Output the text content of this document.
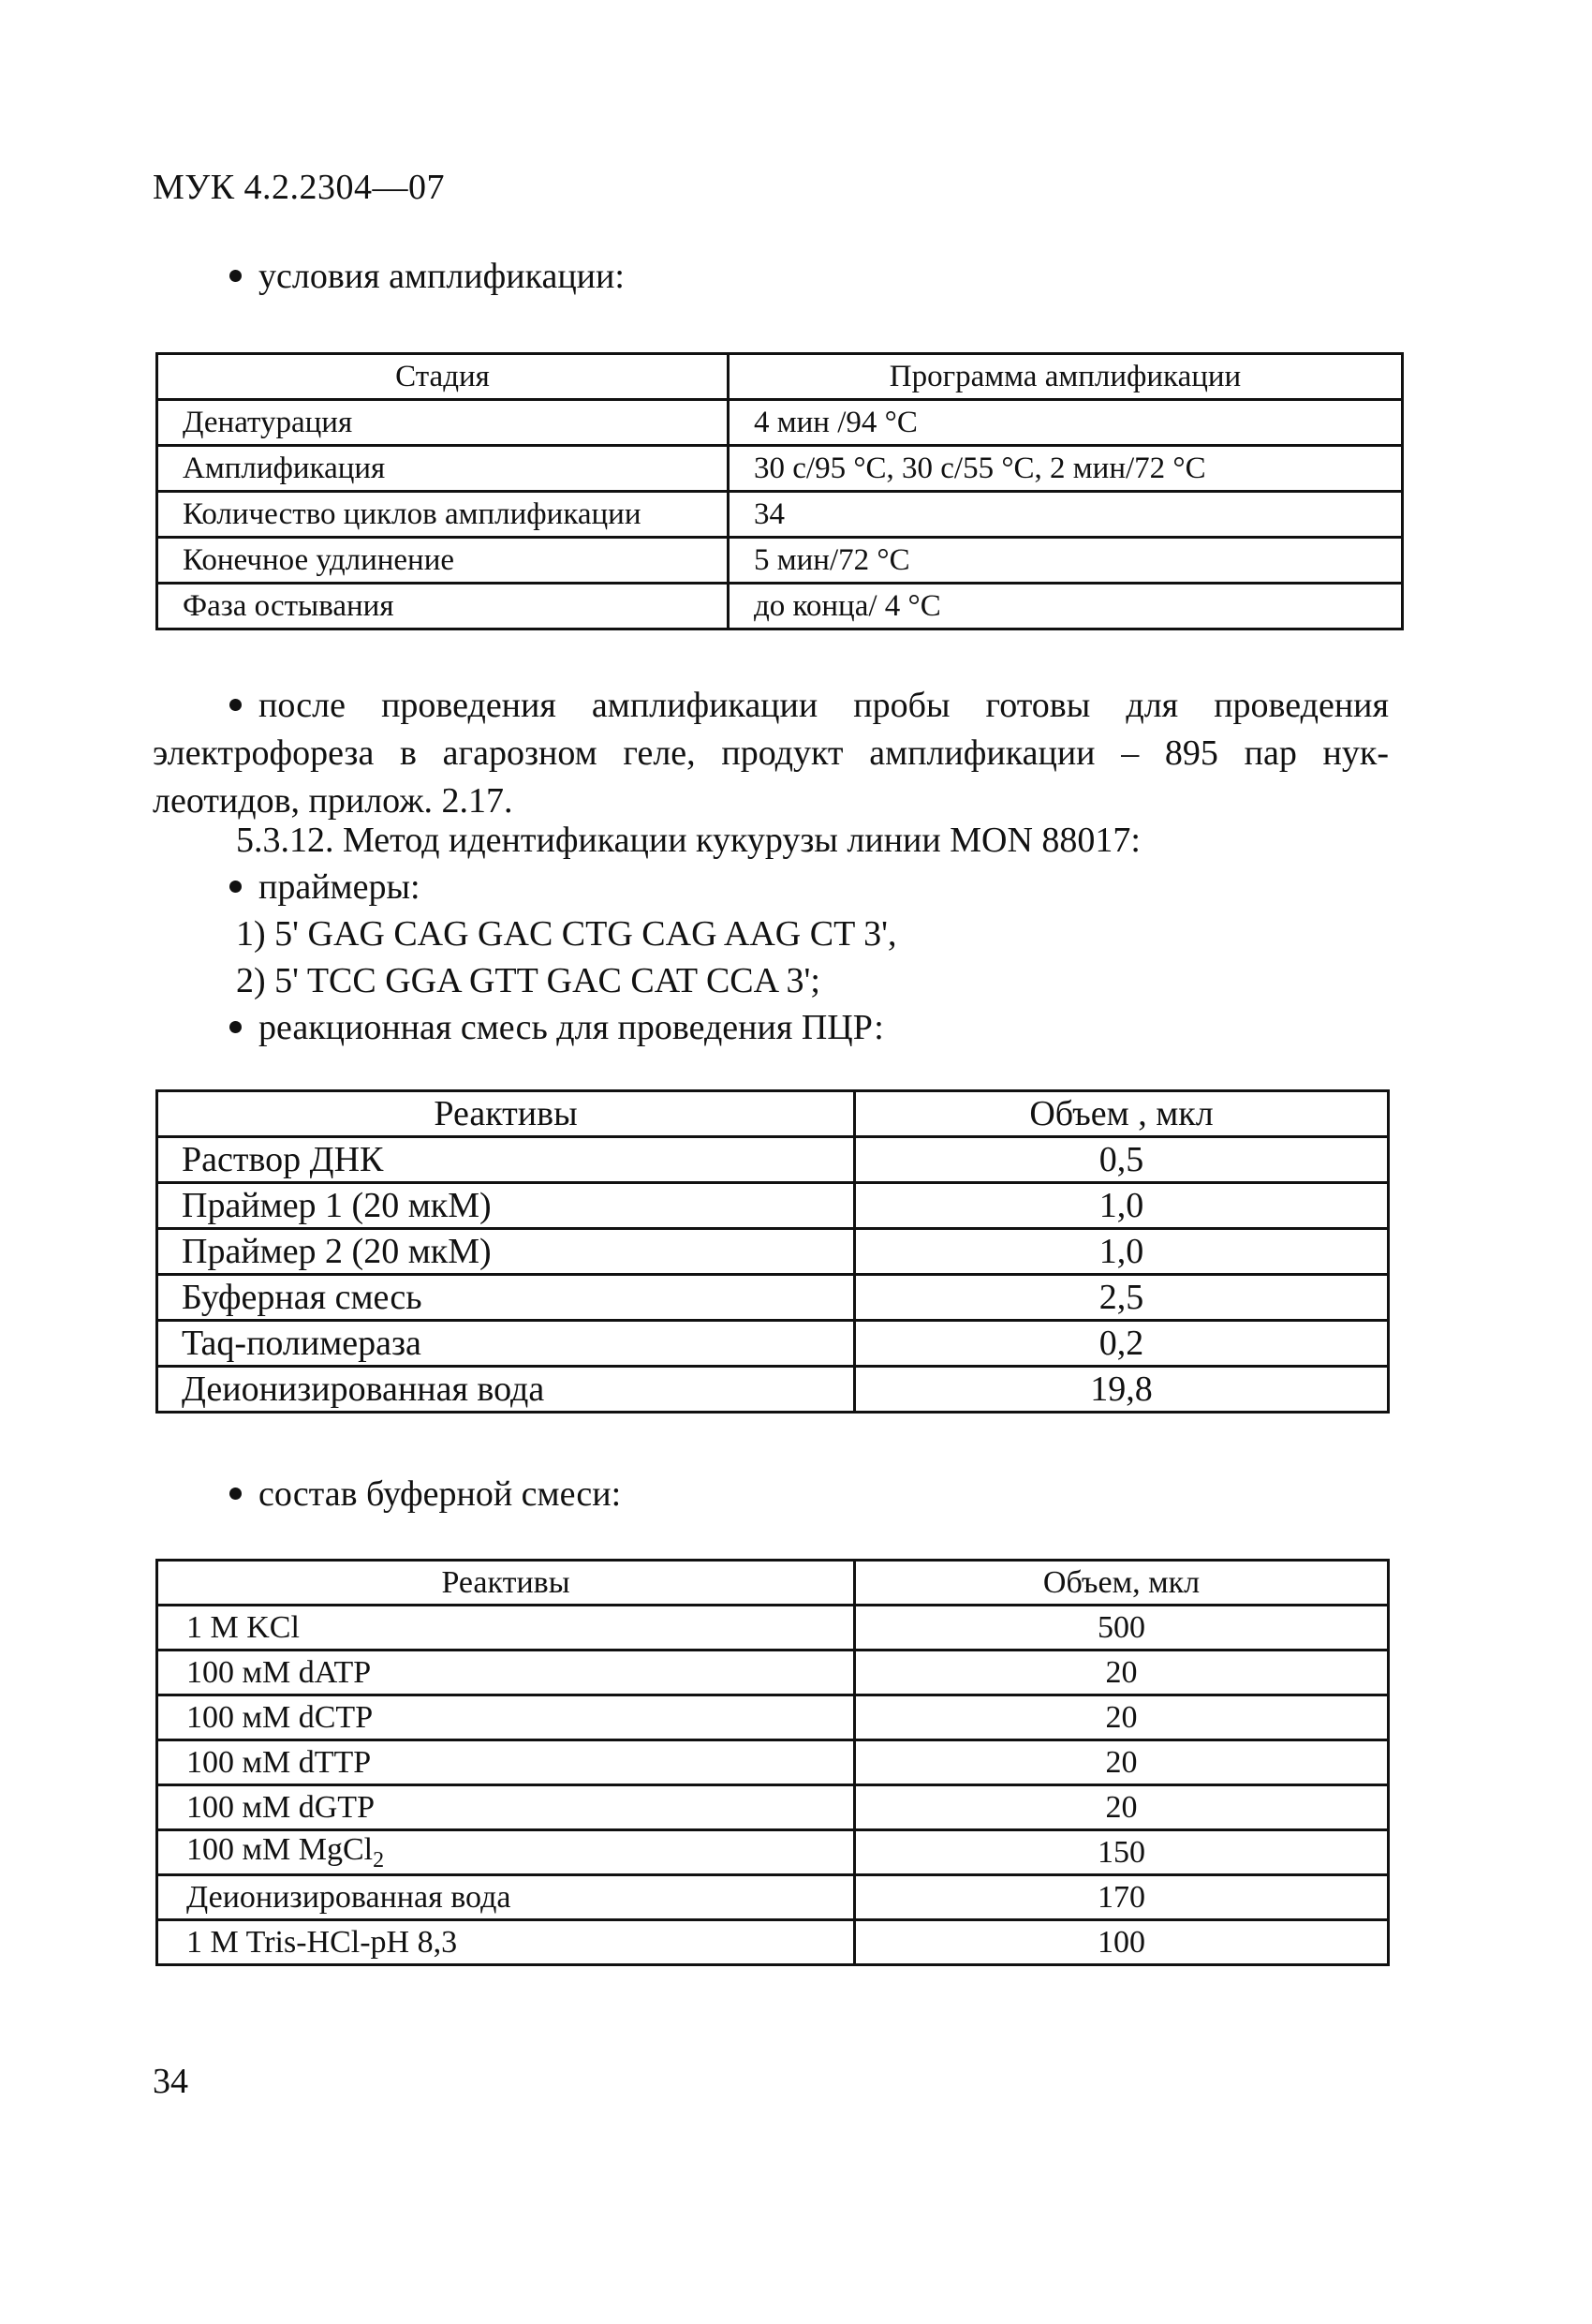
МУК 4.2.2304—07
условия амплификации:
Стадия	Программа амплификации
Денатурация	4 мин /94 °С
Амплификация	30 с/95 °С, 30 с/55 °С, 2 мин/72 °С
Количество циклов амплификации	34
Конечное удлинение	5 мин/72 °С
Фаза остывания	до конца/ 4 °С
после проведения амплификации пробы готовы для проведения
электрофореза в агарозном геле, продукт амплификации – 895 пар нук-
леотидов, прилож. 2.17.
5.3.12. Метод идентификации кукурузы линии MON 88017:
праймеры:
1) 5' GAG CAG GAC CTG CAG AAG CT 3',
2) 5' TCC GGA GTT GAC CAT CCA 3';
реакционная смесь для проведения ПЦР:
Реактивы	Объем , мкл
Раствор ДНК	0,5
Праймер 1 (20 мкМ)	1,0
Праймер 2 (20 мкМ)	1,0
Буферная смесь	2,5
Taq-полимераза	0,2
Деионизированная вода	19,8
состав буферной смеси:
Реактивы	Объем, мкл
1 M KCl	500
100 мМ dATP	20
100 мМ dCTP	20
100 мМ dTTP	20
100 мМ dGTP	20
100 мМ MgCl$_2$	150
Деионизированная вода	170
1 M Tris-HCl-pH 8,3	100
34
